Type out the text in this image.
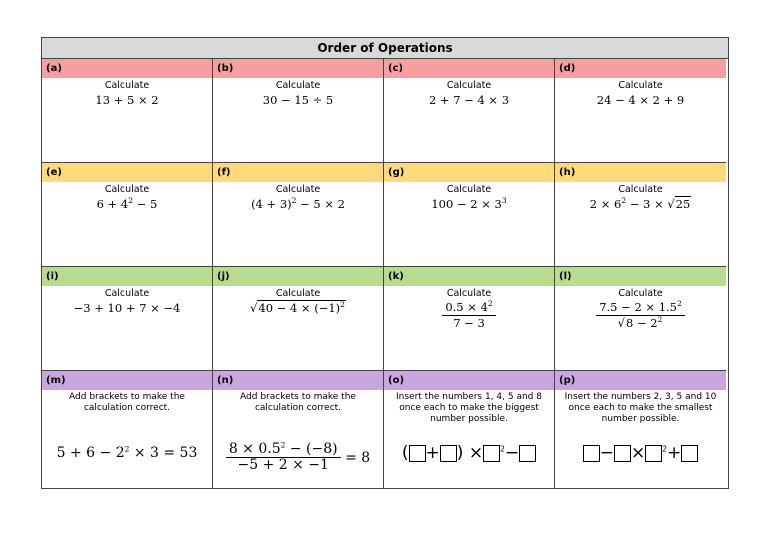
Order of Operations
(a)
Calculate
13 + 5 × 2
(b)
Calculate
30 − 15 ÷ 5
(c)
Calculate
2 + 7 − 4 × 3
(d)
Calculate
24 − 4 × 2 + 9
(e)
Calculate
$6 + 4^2 - 5$
(f)
Calculate
$(4 + 3)^2 - 5 \times 2$
(g)
Calculate
$100 - 2 \times 3^3$
(h)
Calculate
$2 \times 6^2 - 3 \times √25$
(i)
Calculate
−3 + 10 + 7 × −4
(j)
Calculate
$√40 - 4 \times (-1)^2$
(k)
Calculate
$\frac{0.5 \times 4^2}{7 - 3}$
(l)
Calculate
$\frac{7.5 - 2 \times 1.5^2}{√8 - 2^2}$
(m)
Add brackets to make the calculation correct.
$5 + 6 - 2^2 \times 3 = 53$
(n)
Add brackets to make the calculation correct.
$\frac{8 \times 0.5^2 - (-8)}{-5 + 2 \times -1} = 8$
(o)
Insert the numbers 1, 4, 5 and 8 once each to make the biggest number possible.
( + ) × $^2$−
(p)
Insert the numbers 2, 3, 5 and 10 once each to make the smallest number possible.
− × $^2$+
